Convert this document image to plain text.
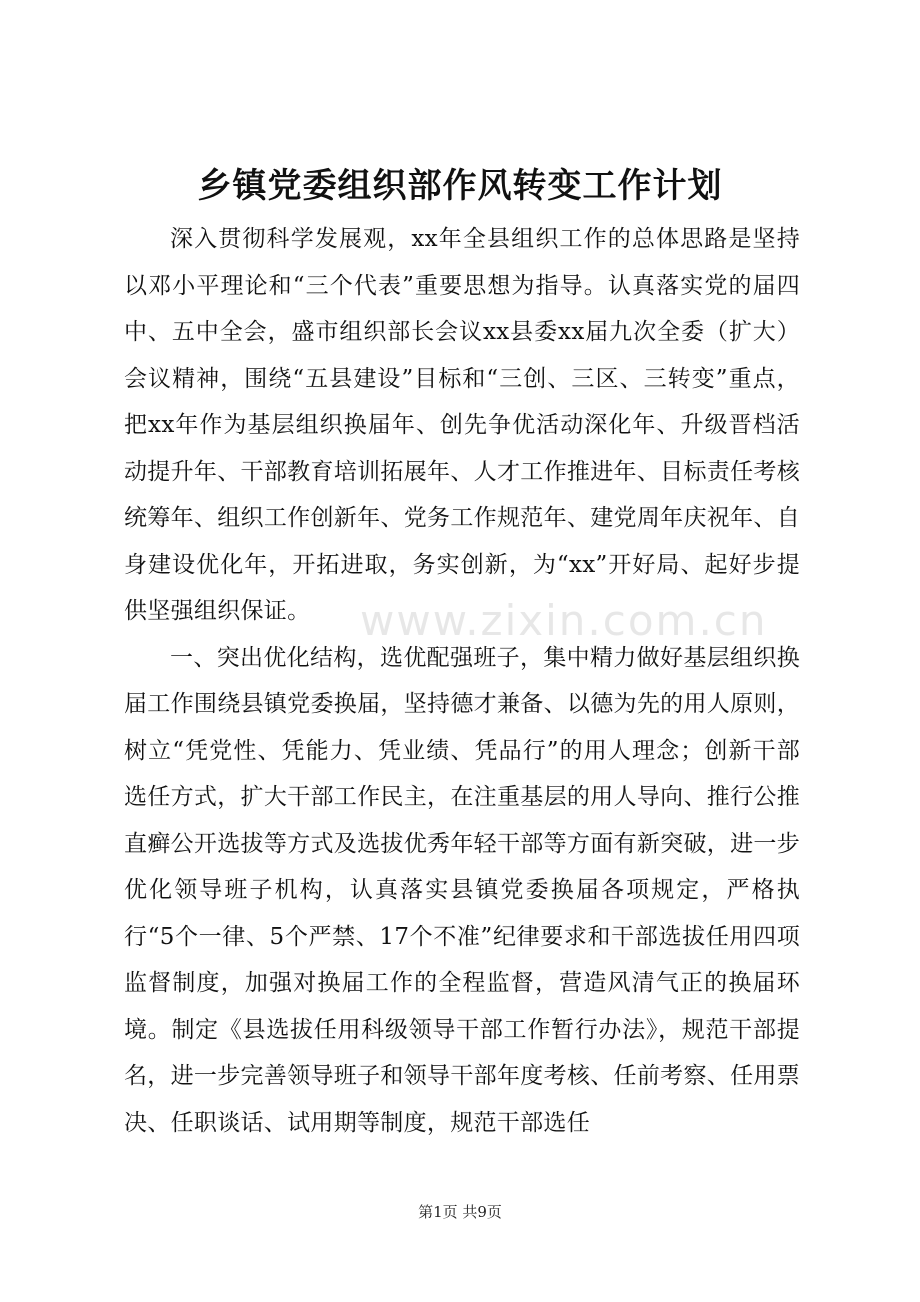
乡镇党委组织部作风转变工作计划
www.zixin.com.cn

深入贯彻科学发展观，xx年全县组织工作的总体思路是坚持以邓小平理论和“三个代表”重要思想为指导。认真落实党的届四中、五中全会，盛市组织部长会议xx县委xx届九次全委（扩大）会议精神，围绕“五县建设”目标和“三创、三区、三转变”重点，把xx年作为基层组织换届年、创先争优活动深化年、升级晋档活动提升年、干部教育培训拓展年、人才工作推进年、目标责任考核统筹年、组织工作创新年、党务工作规范年、建党周年庆祝年、自身建设优化年，开拓进取，务实创新，为“xx”开好局、起好步提供坚强组织保证。

一、突出优化结构，选优配强班子，集中精力做好基层组织换届工作围绕县镇党委换届，坚持德才兼备、以德为先的用人原则，树立“凭党性、凭能力、凭业绩、凭品行”的用人理念；创新干部选任方式，扩大干部工作民主，在注重基层的用人导向、推行公推直癣公开选拔等方式及选拔优秀年轻干部等方面有新突破，进一步优化领导班子机构，认真落实县镇党委换届各项规定，严格执行“5个一律、5个严禁、17个不准”纪律要求和干部选拔任用四项监督制度，加强对换届工作的全程监督，营造风清气正的换届环境。制定《县选拔任用科级领导干部工作暂行办法》，规范干部提名，进一步完善领导班子和领导干部年度考核、任前考察、任用票决、任职谈话、试用期等制度，规范干部选任

第1页 共9页
